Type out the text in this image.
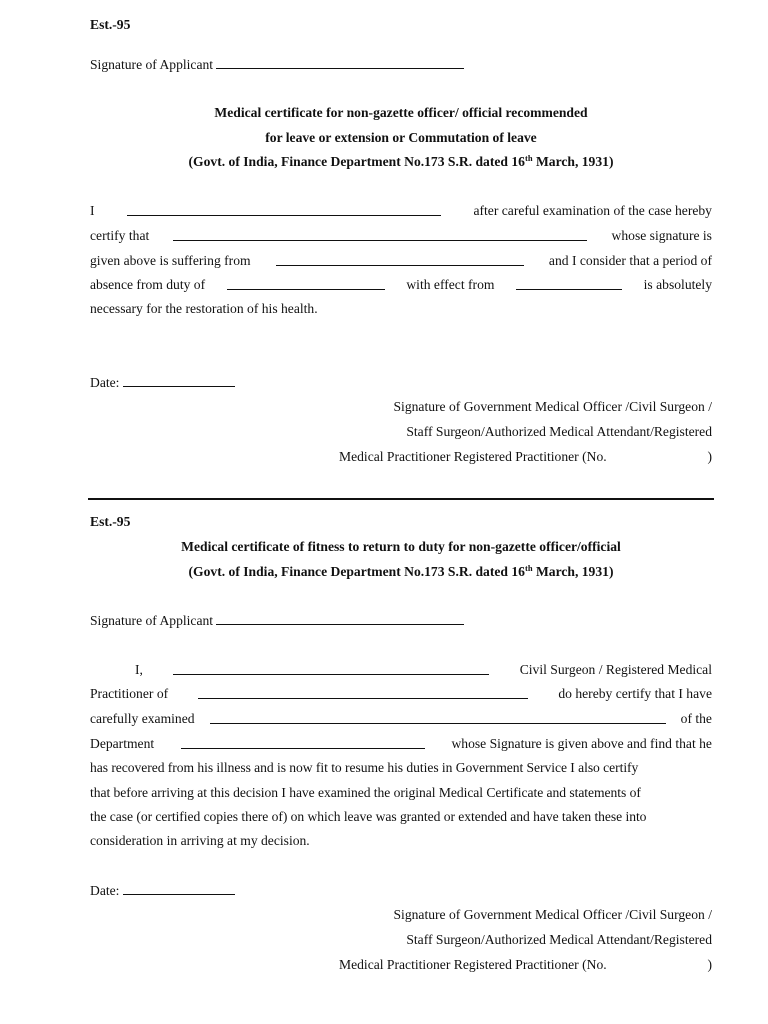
Est.-95
Signature of Applicant
Medical certificate for non-gazette officer/ official recommended
for leave or extension or Commutation of leave
(Govt. of India, Finance Department No.173 S.R. dated 16th March, 1931)
I	after careful examination of the case hereby
certify that	whose signature is
given above is suffering from	and I consider that a period of
absence from duty of	with effect from	is absolutely
necessary for the restoration of his health.
Date:
Signature of Government Medical Officer /Civil Surgeon /
Staff Surgeon/Authorized Medical Attendant/Registered
Medical Practitioner Registered Practitioner (No.	)
Est.-95
Medical certificate of fitness to return to duty for non-gazette officer/official
(Govt. of India, Finance Department No.173 S.R. dated 16th March, 1931)
Signature of Applicant
I,	Civil Surgeon / Registered Medical
Practitioner of	do hereby certify that I have
carefully examined	of the
Department	whose Signature is given above and find that he
has recovered from his illness and is now fit to resume his duties in Government Service I also certify
that before arriving at this decision I have examined the original Medical Certificate and statements of
the case (or certified copies there of) on which leave was granted or extended and have taken these into
consideration in arriving at my decision.
Date:
Signature of Government Medical Officer /Civil Surgeon /
Staff Surgeon/Authorized Medical Attendant/Registered
Medical Practitioner Registered Practitioner (No.	)
